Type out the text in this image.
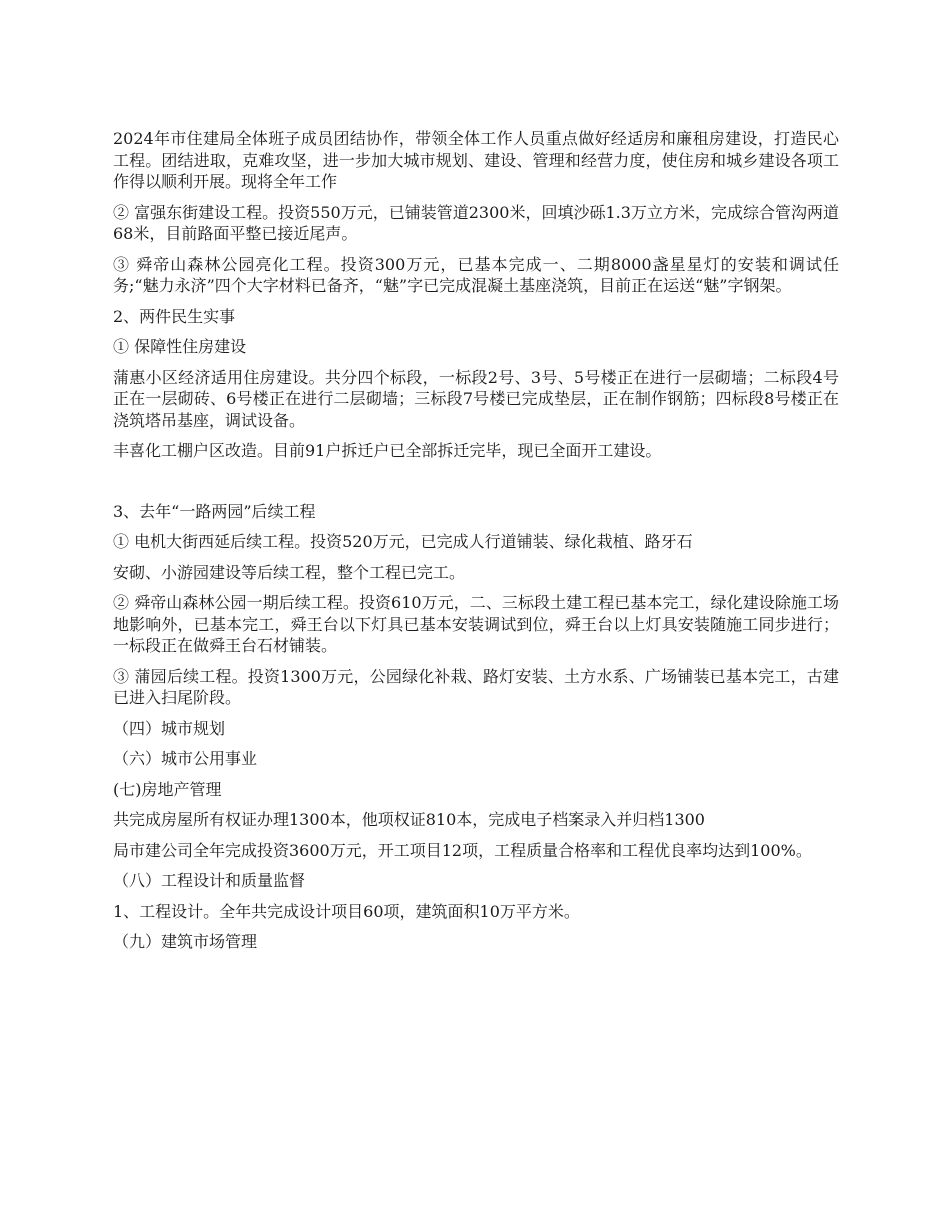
2024年市住建局全体班子成员团结协作，带领全体工作人员重点做好经适房和廉租房建设，打造民心工程。团结进取，克难攻坚，进一步加大城市规划、建设、管理和经营力度，使住房和城乡建设各项工作得以顺利开展。现将全年工作

② 富强东街建设工程。投资550万元，已铺装管道2300米，回填沙砾1.3万立方米，完成综合管沟两道68米，目前路面平整已接近尾声。

③ 舜帝山森林公园亮化工程。投资300万元，已基本完成一、二期8000盏星星灯的安装和调试任务;“魅力永济”四个大字材料已备齐，“魅”字已完成混凝土基座浇筑，目前正在运送“魅”字钢架。

2、两件民生实事

① 保障性住房建设

蒲惠小区经济适用住房建设。共分四个标段，一标段2号、3号、5号楼正在进行一层砌墙；二标段4号正在一层砌砖、6号楼正在进行二层砌墙；三标段7号楼已完成垫层，正在制作钢筋；四标段8号楼正在浇筑塔吊基座，调试设备。

丰喜化工棚户区改造。目前91户拆迁户已全部拆迁完毕，现已全面开工建设。

3、去年“一路两园”后续工程

① 电机大街西延后续工程。投资520万元，已完成人行道铺装、绿化栽植、路牙石

安砌、小游园建设等后续工程，整个工程已完工。

② 舜帝山森林公园一期后续工程。投资610万元，二、三标段土建工程已基本完工，绿化建设除施工场地影响外，已基本完工，舜王台以下灯具已基本安装调试到位，舜王台以上灯具安装随施工同步进行；一标段正在做舜王台石材铺装。

③ 蒲园后续工程。投资1300万元，公园绿化补栽、路灯安装、土方水系、广场铺装已基本完工，古建已进入扫尾阶段。

（四）城市规划

（六）城市公用事业

(七)房地产管理

共完成房屋所有权证办理1300本，他项权证810本，完成电子档案录入并归档1300

局市建公司全年完成投资3600万元，开工项目12项，工程质量合格率和工程优良率均达到100%。

（八）工程设计和质量监督

1、工程设计。全年共完成设计项目60项，建筑面积10万平方米。

（九）建筑市场管理
